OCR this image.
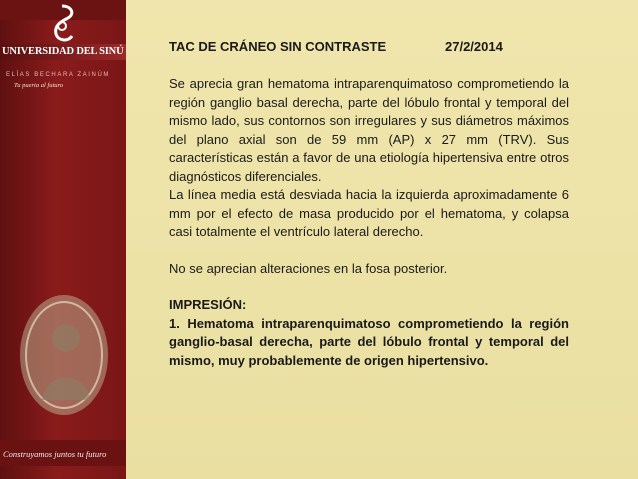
UNIVERSIDAD DEL SINÚ
ELÍAS BECHARA ZAINÚM
Tu puerta al futuro
Construyamos juntos tu futuro
TAC DE CRÁNEO SIN CONTRASTE	27/2/2014

Se aprecia gran hematoma intraparenquimatoso comprometiendo la región ganglio basal derecha, parte del lóbulo frontal y temporal del mismo lado, sus contornos son irregulares y sus diámetros máximos del plano axial son de 59 mm (AP) x 27 mm (TRV). Sus características están a favor de una etiología hipertensiva entre otros diagnósticos diferenciales.

La línea media está desviada hacia la izquierda aproximadamente 6 mm por el efecto de masa producido por el hematoma, y colapsa casi totalmente el ventrículo lateral derecho.

No se aprecian alteraciones en la fosa posterior.

IMPRESIÓN:

1. Hematoma intraparenquimatoso comprometiendo la región ganglio-basal derecha, parte del lóbulo frontal y temporal del mismo, muy probablemente de origen hipertensivo.
